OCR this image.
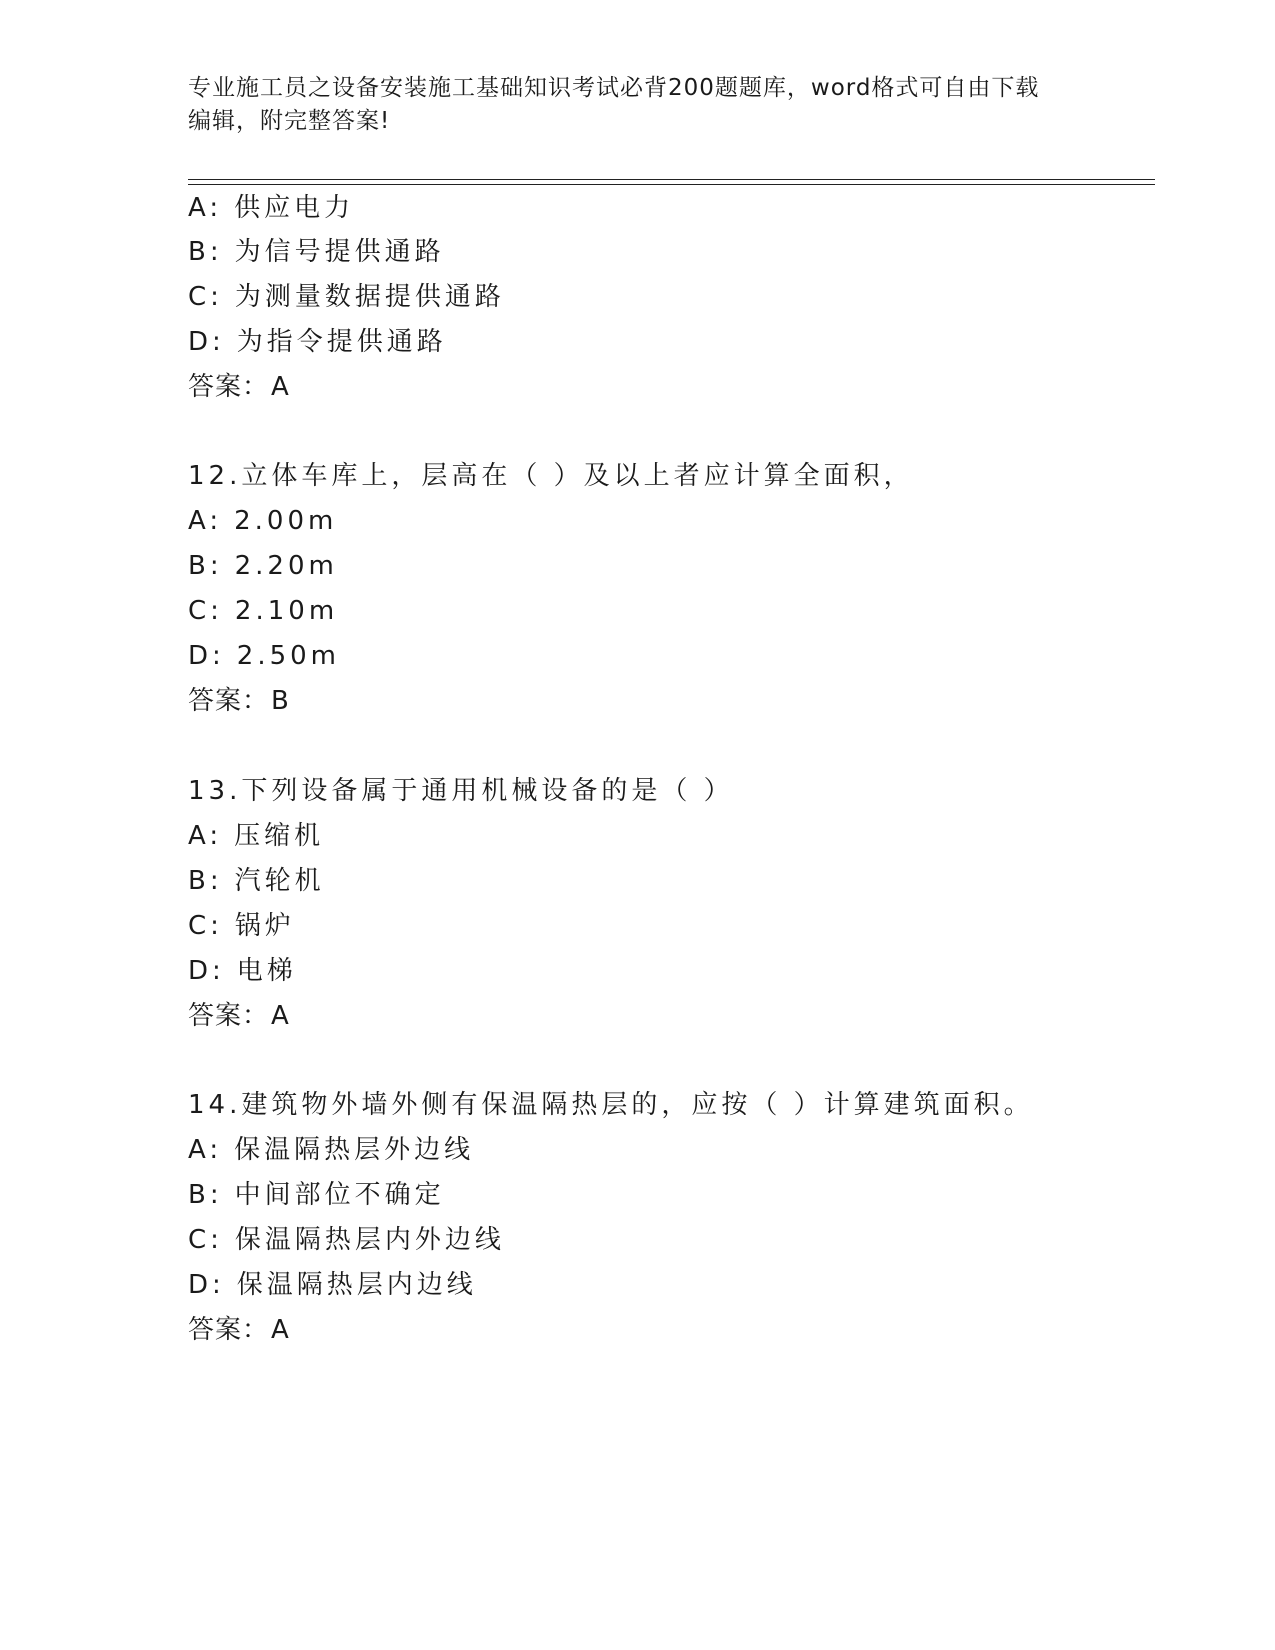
专业施工员之设备安装施工基础知识考试必背200题题库，word格式可自由下载
编辑，附完整答案!
A: 供应电力
B: 为信号提供通路
C: 为测量数据提供通路
D: 为指令提供通路
答案：A
12.立体车库上，层高在（ ）及以上者应计算全面积，
A: 2.00m
B: 2.20m
C: 2.10m
D: 2.50m
答案：B
13.下列设备属于通用机械设备的是（ ）
A: 压缩机
B: 汽轮机
C: 锅炉
D: 电梯
答案：A
14.建筑物外墙外侧有保温隔热层的，应按（ ）计算建筑面积。
A: 保温隔热层外边线
B: 中间部位不确定
C: 保温隔热层内外边线
D: 保温隔热层内边线
答案：A
